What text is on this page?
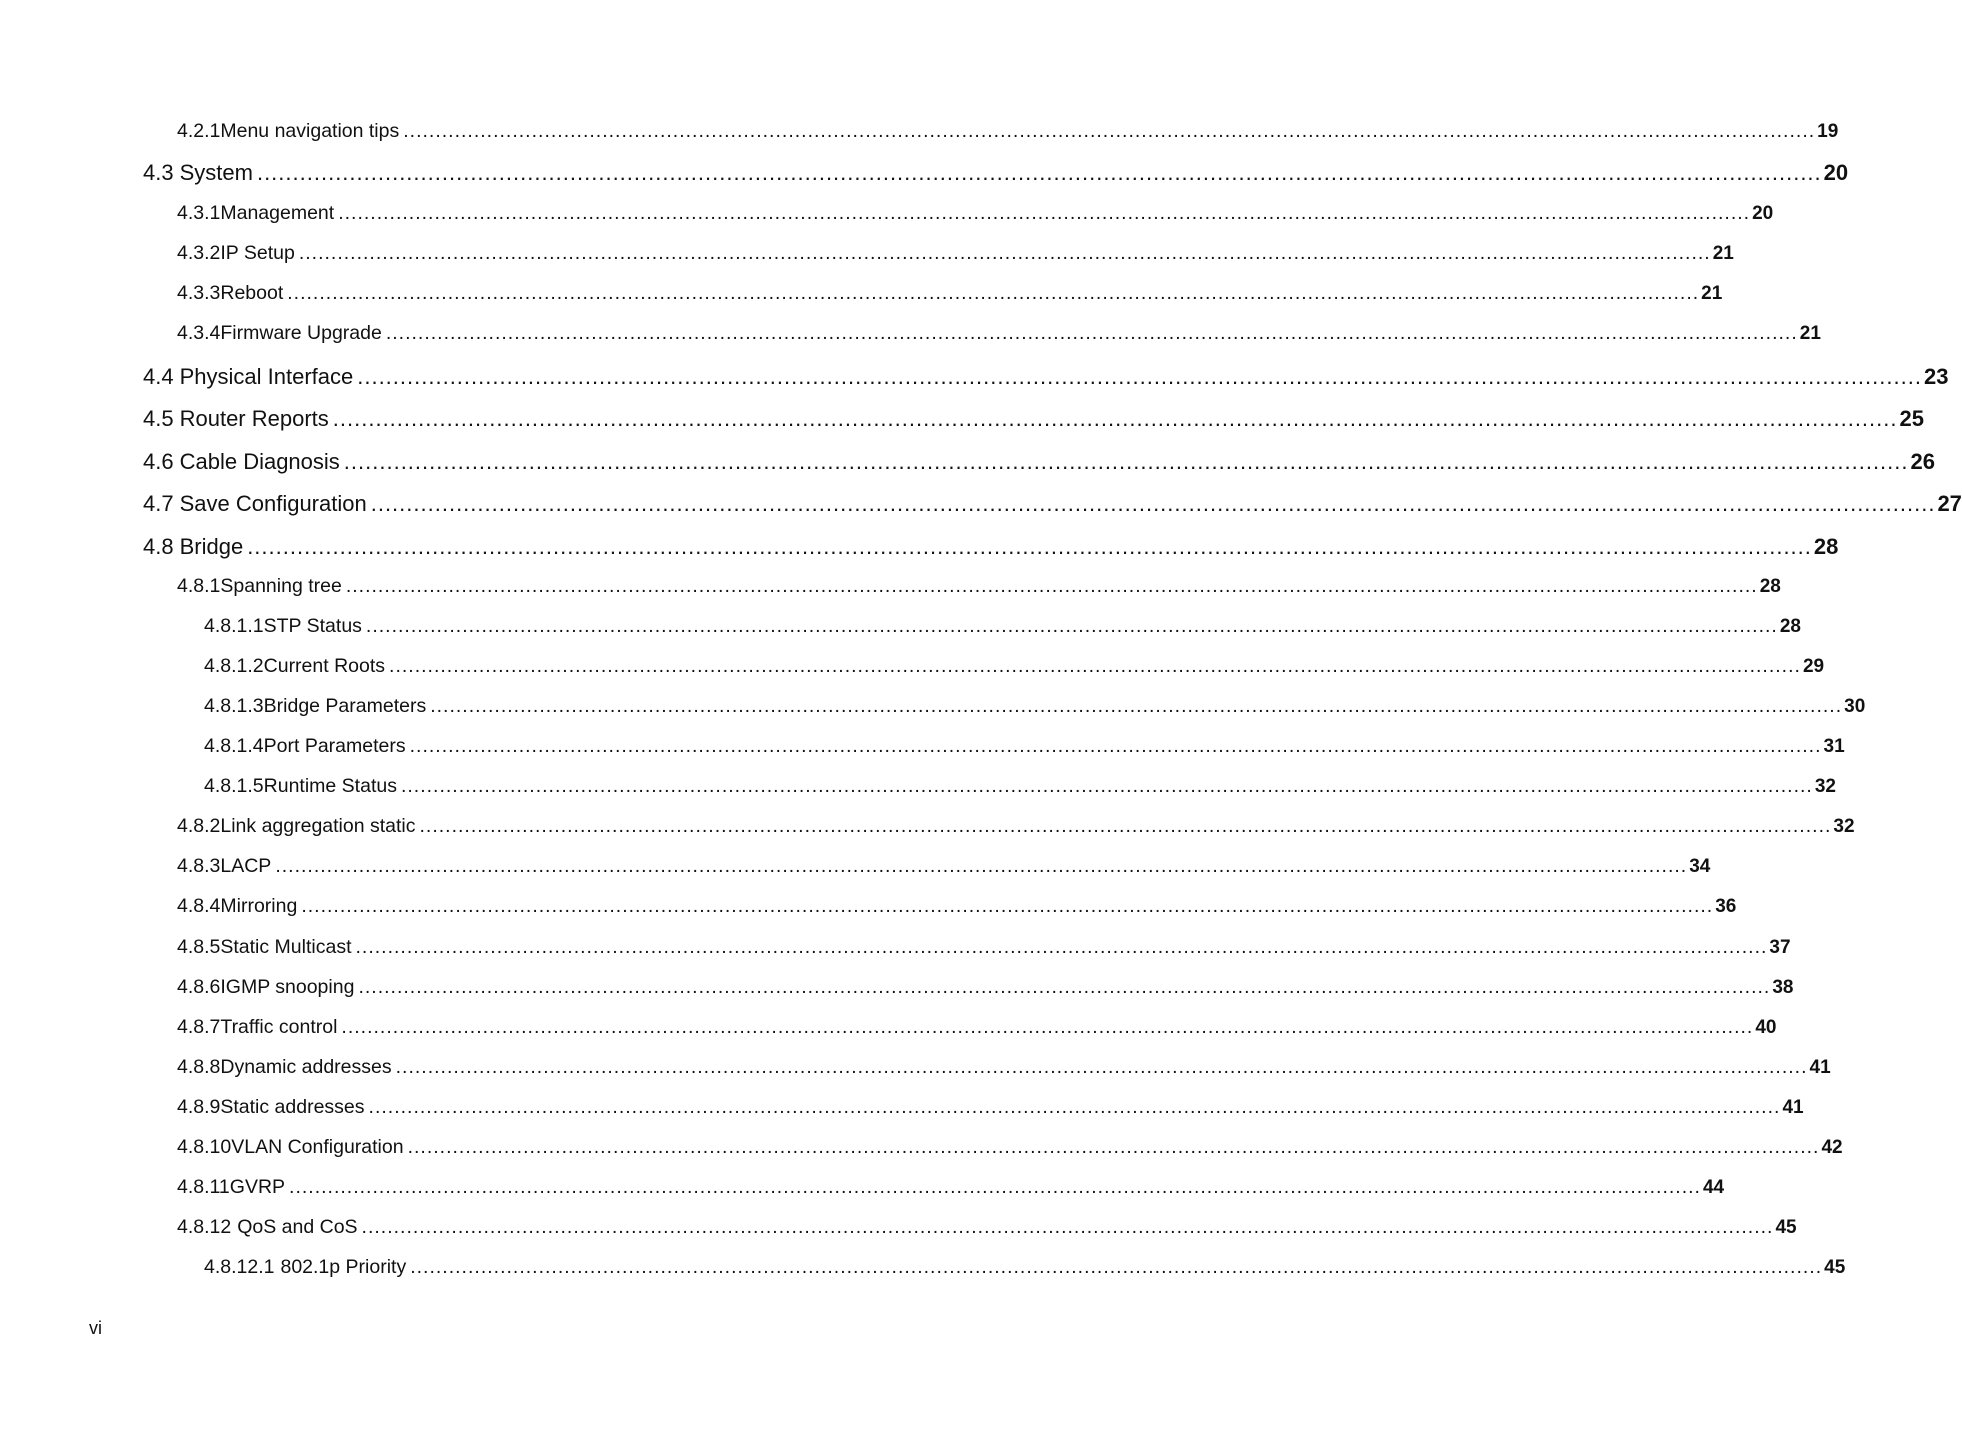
4.2.1 Menu navigation tips ............................................................................................................................................................................................................................ 19
4.3 System ............................................................................................................................................................................................................................ 20
4.3.1 Management ............................................................................................................................................................................................................................ 20
4.3.2 IP Setup ............................................................................................................................................................................................................................ 21
4.3.3 Reboot ............................................................................................................................................................................................................................ 21
4.3.4 Firmware Upgrade ............................................................................................................................................................................................................................ 21
4.4 Physical Interface ............................................................................................................................................................................................................................ 23
4.5 Router Reports ............................................................................................................................................................................................................................ 25
4.6 Cable Diagnosis ............................................................................................................................................................................................................................ 26
4.7 Save Configuration ............................................................................................................................................................................................................................ 27
4.8 Bridge ............................................................................................................................................................................................................................ 28
4.8.1 Spanning tree ............................................................................................................................................................................................................................ 28
4.8.1.1 STP Status ............................................................................................................................................................................................................................ 28
4.8.1.2 Current Roots ............................................................................................................................................................................................................................ 29
4.8.1.3 Bridge Parameters ............................................................................................................................................................................................................................ 30
4.8.1.4 Port Parameters ............................................................................................................................................................................................................................ 31
4.8.1.5 Runtime Status ............................................................................................................................................................................................................................ 32
4.8.2 Link aggregation static ............................................................................................................................................................................................................................ 32
4.8.3 LACP ............................................................................................................................................................................................................................ 34
4.8.4 Mirroring ............................................................................................................................................................................................................................ 36
4.8.5 Static Multicast ............................................................................................................................................................................................................................ 37
4.8.6 IGMP snooping ............................................................................................................................................................................................................................ 38
4.8.7 Traffic control ............................................................................................................................................................................................................................ 40
4.8.8 Dynamic addresses ............................................................................................................................................................................................................................ 41
4.8.9 Static addresses ............................................................................................................................................................................................................................ 41
4.8.10 VLAN Configuration ............................................................................................................................................................................................................................ 42
4.8.11 GVRP ............................................................................................................................................................................................................................ 44
4.8.12 QoS and CoS ............................................................................................................................................................................................................................ 45
4.8.12.1 802.1p Priority ............................................................................................................................................................................................................................ 45
vi
